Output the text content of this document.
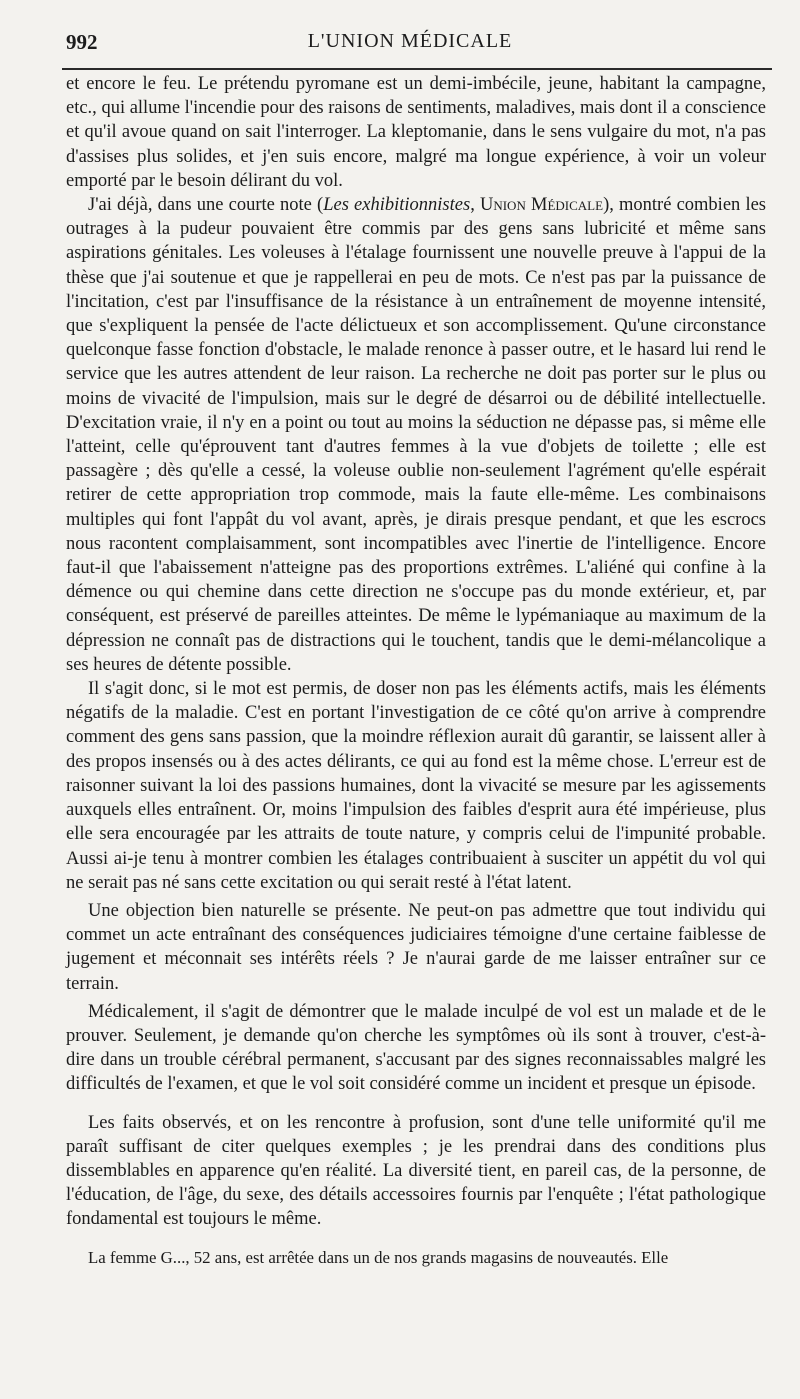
992	L'UNION MÉDICALE

et encore le feu. Le prétendu pyromane est un demi-imbécile, jeune, habitant la campagne, etc., qui allume l'incendie pour des raisons de sentiments, maladives, mais dont il a conscience et qu'il avoue quand on sait l'interroger. La kleptomanie, dans le sens vulgaire du mot, n'a pas d'assises plus solides, et j'en suis encore, malgré ma longue expérience, à voir un voleur emporté par le besoin délirant du vol.

J'ai déjà, dans une courte note (Les exhibitionnistes, Union Médicale), montré combien les outrages à la pudeur pouvaient être commis par des gens sans lubricité et même sans aspirations génitales. Les voleuses à l'étalage fournissent une nouvelle preuve à l'appui de la thèse que j'ai soutenue et que je rappellerai en peu de mots. Ce n'est pas par la puissance de l'incitation, c'est par l'insuffisance de la résistance à un entraînement de moyenne intensité, que s'expliquent la pensée de l'acte délictueux et son accomplissement. Qu'une circonstance quelconque fasse fonction d'obstacle, le malade renonce à passer outre, et le hasard lui rend le service que les autres attendent de leur raison. La recherche ne doit pas porter sur le plus ou moins de vivacité de l'impulsion, mais sur le degré de désarroi ou de débilité intellectuelle. D'excitation vraie, il n'y en a point ou tout au moins la séduction ne dépasse pas, si même elle l'atteint, celle qu'éprouvent tant d'autres femmes à la vue d'objets de toilette ; elle est passagère ; dès qu'elle a cessé, la voleuse oublie non-seulement l'agrément qu'elle espérait retirer de cette appropriation trop commode, mais la faute elle-même. Les combinaisons multiples qui font l'appât du vol avant, après, je dirais presque pendant, et que les escrocs nous racontent complaisamment, sont incompatibles avec l'inertie de l'intelligence. Encore faut-il que l'abaissement n'atteigne pas des proportions extrêmes. L'aliéné qui confine à la démence ou qui chemine dans cette direction ne s'occupe pas du monde extérieur, et, par conséquent, est préservé de pareilles atteintes. De même le lypémaniaque au maximum de la dépression ne connaît pas de distractions qui le touchent, tandis que le demi-mélancolique a ses heures de détente possible.

Il s'agit donc, si le mot est permis, de doser non pas les éléments actifs, mais les éléments négatifs de la maladie. C'est en portant l'investigation de ce côté qu'on arrive à comprendre comment des gens sans passion, que la moindre réflexion aurait dû garantir, se laissent aller à des propos insensés ou à des actes délirants, ce qui au fond est la même chose. L'erreur est de raisonner suivant la loi des passions humaines, dont la vivacité se mesure par les agissements auxquels elles entraînent. Or, moins l'impulsion des faibles d'esprit aura été impérieuse, plus elle sera encouragée par les attraits de toute nature, y compris celui de l'impunité probable. Aussi ai-je tenu à montrer combien les étalages contribuaient à susciter un appétit du vol qui ne serait pas né sans cette excitation ou qui serait resté à l'état latent.

Une objection bien naturelle se présente. Ne peut-on pas admettre que tout individu qui commet un acte entraînant des conséquences judiciaires témoigne d'une certaine faiblesse de jugement et méconnait ses intérêts réels ? Je n'aurai garde de me laisser entraîner sur ce terrain.

Médicalement, il s'agit de démontrer que le malade inculpé de vol est un malade et de le prouver. Seulement, je demande qu'on cherche les symptômes où ils sont à trouver, c'est-à-dire dans un trouble cérébral permanent, s'accusant par des signes reconnaissables malgré les difficultés de l'examen, et que le vol soit considéré comme un incident et presque un épisode.

Les faits observés, et on les rencontre à profusion, sont d'une telle uniformité qu'il me paraît suffisant de citer quelques exemples ; je les prendrai dans des conditions plus dissemblables en apparence qu'en réalité. La diversité tient, en pareil cas, de la personne, de l'éducation, de l'âge, du sexe, des détails accessoires fournis par l'enquête ; l'état pathologique fondamental est toujours le même.

La femme G..., 52 ans, est arrêtée dans un de nos grands magasins de nouveautés. Elle
